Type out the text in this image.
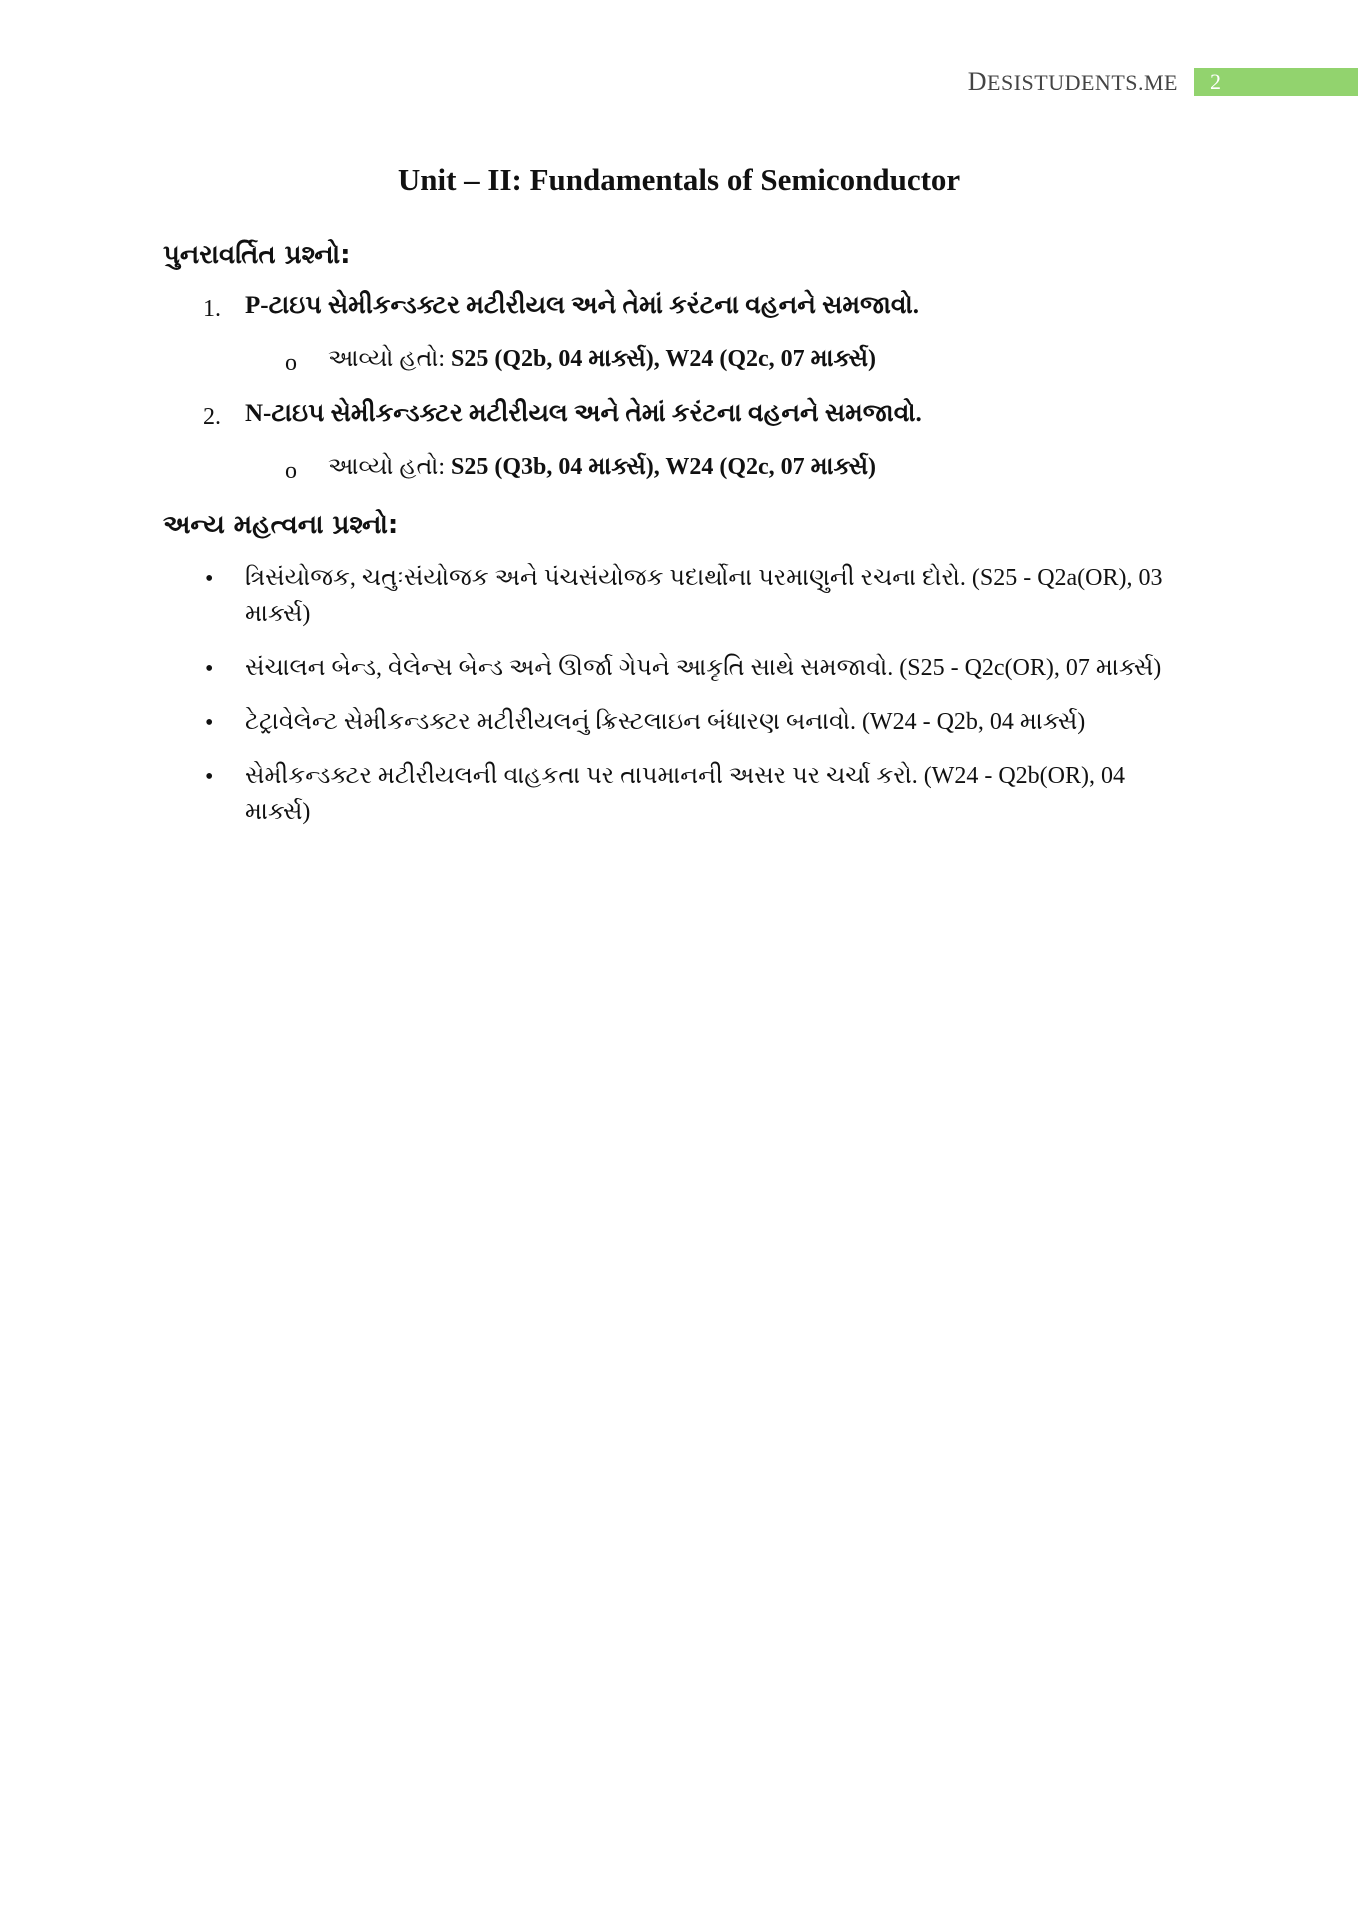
DESISTUDENTS.ME	2
Unit – II: Fundamentals of Semiconductor
પુનરાવર્તિત પ્રશ્નો:
1. P-ટાઇપ સેમીકન્ડક્ટર મટીરીયલ અને તેમાં કરંટના વહનને સમજાવો.
o આવ્યો હતો: S25 (Q2b, 04 માર્ક્સ), W24 (Q2c, 07 માર્ક્સ)
2. N-ટાઇપ સેમીકન્ડક્ટર મટીરીયલ અને તેમાં કરંટના વહનને સમજાવો.
o આવ્યો હતો: S25 (Q3b, 04 માર્ક્સ), W24 (Q2c, 07 માર્ક્સ)
અન્ય મહત્વના પ્રશ્નો:
• ત્રિસંયોજક, ચતુઃસંયોજક અને પંચસંયોજક પદાર્થોના પરમાણુની રચના દોરો. (S25 - Q2a(OR), 03 માર્ક્સ)
• સંચાલન બેન્ડ, વેલેન્સ બેન્ડ અને ઊર્જા ગેપને આકૃતિ સાથે સમજાવો. (S25 - Q2c(OR), 07 માર્ક્સ)
• ટેટ્રાવેલેન્ટ સેમીકન્ડક્ટર મટીરીયલનું ક્રિસ્ટલાઇન બંધારણ બનાવો. (W24 - Q2b, 04 માર્ક્સ)
• સેમીકન્ડક્ટર મટીરીયલની વાહકતા પર તાપમાનની અસર પર ચર્ચા કરો. (W24 - Q2b(OR), 04 માર્ક્સ)
